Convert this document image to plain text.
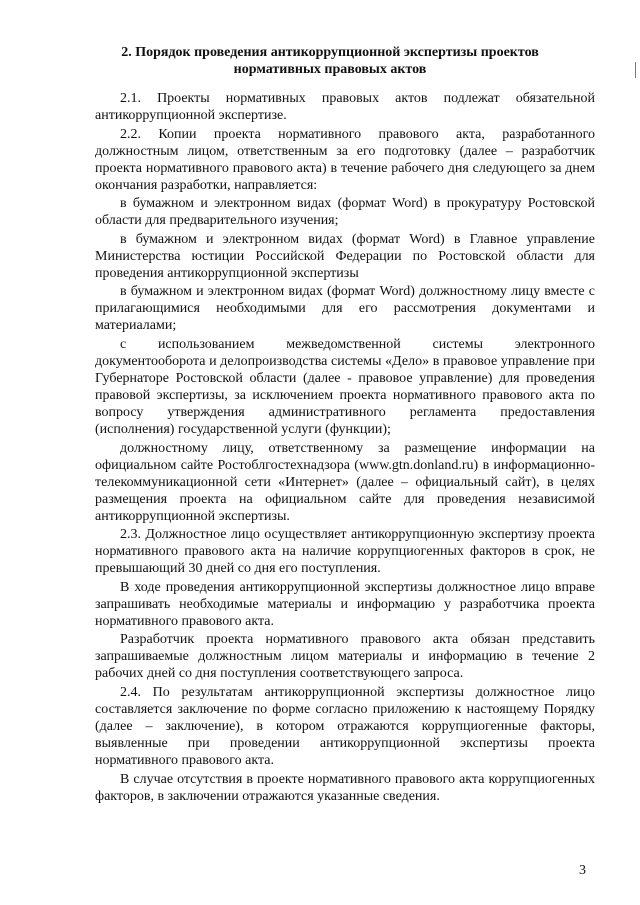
2. Порядок проведения антикоррупционной экспертизы проектов
нормативных правовых актов

2.1. Проекты нормативных правовых актов подлежат обязательной антикоррупционной экспертизе.

2.2. Копии проекта нормативного правового акта, разработанного должностным лицом, ответственным за его подготовку (далее – разработчик проекта нормативного правового акта) в течение рабочего дня следующего за днем окончания разработки, направляется:

в бумажном и электронном видах (формат Word) в прокуратуру Ростовской области для предварительного изучения;

в бумажном и электронном видах (формат Word) в Главное управление Министерства юстиции Российской Федерации по Ростовской области для проведения антикоррупционной экспертизы

в бумажном и электронном видах (формат Word) должностному лицу вместе с прилагающимися необходимыми для его рассмотрения документами и материалами;

с использованием межведомственной системы электронного документооборота и делопроизводства системы «Дело» в правовое управление при Губернаторе Ростовской области (далее - правовое управление) для проведения правовой экспертизы, за исключением проекта нормативного правового акта по вопросу утверждения административного регламента предоставления (исполнения) государственной услуги (функции);

должностному лицу, ответственному за размещение информации на официальном сайте Ростоблгостехнадзора (www.gtn.donland.ru) в информационно-телекоммуникационной сети «Интернет» (далее – официальный сайт), в целях размещения проекта на официальном сайте для проведения независимой антикоррупционной экспертизы.

2.3. Должностное лицо осуществляет антикоррупционную экспертизу проекта нормативного правового акта на наличие коррупциогенных факторов в срок, не превышающий 30 дней со дня его поступления.

В ходе проведения антикоррупционной экспертизы должностное лицо вправе запрашивать необходимые материалы и информацию у разработчика проекта нормативного правового акта.

Разработчик проекта нормативного правового акта обязан представить запрашиваемые должностным лицом материалы и информацию в течение 2 рабочих дней со дня поступления соответствующего запроса.

2.4. По результатам антикоррупционной экспертизы должностное лицо составляется заключение по форме согласно приложению к настоящему Порядку (далее – заключение), в котором отражаются коррупциогенные факторы, выявленные при проведении антикоррупционной экспертизы проекта нормативного правового акта.

В случае отсутствия в проекте нормативного правового акта коррупциогенных факторов, в заключении отражаются указанные сведения.

3
